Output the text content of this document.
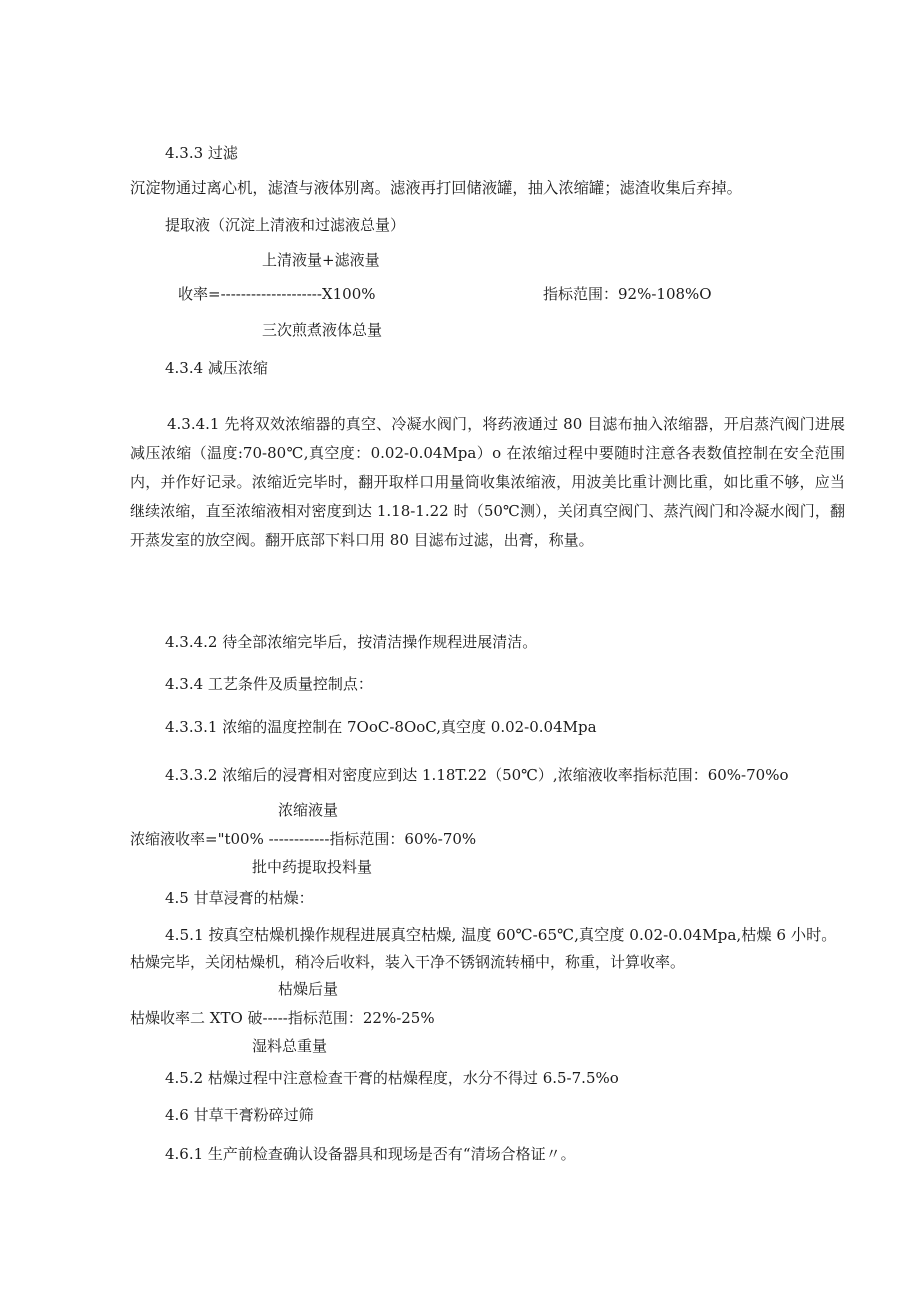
4.3.3 过滤
沉淀物通过离心机，滤渣与液体别离。滤液再打回储液罐，抽入浓缩罐；滤渣收集后弃掉。
提取液（沉淀上清液和过滤液总量）
上清液量+滤液量
收率=--------------------X100%	指标范围：92%-108%O
三次煎煮液体总量
4.3.4 减压浓缩
4.3.4.1 先将双效浓缩器的真空、冷凝水阀门，将药液通过 80 目滤布抽入浓缩器，开启蒸汽阀门进展减压浓缩（温度:70-80℃,真空度：0.02-0.04Mpa）o 在浓缩过程中要随时注意各表数值控制在安全范围内，并作好记录。浓缩近完毕时，翻开取样口用量筒收集浓缩液，用波美比重计测比重，如比重不够，应当继续浓缩，直至浓缩液相对密度到达 1.18-1.22 时（50℃测），关闭真空阀门、蒸汽阀门和冷凝水阀门，翻开蒸发室的放空阀。翻开底部下料口用 80 目滤布过滤，出膏，称量。
4.3.4.2 待全部浓缩完毕后，按清洁操作规程进展清洁。
4.3.4 工艺条件及质量控制点：
4.3.3.1 浓缩的温度控制在 7OoC-8OoC,真空度 0.02-0.04Mpa
4.3.3.2 浓缩后的浸膏相对密度应到达 1.18T.22（50℃）,浓缩液收率指标范围：60%-70%o
浓缩液量
浓缩液收率="t00% ------------指标范围：60%-70%
批中药提取投料量
4.5 甘草浸膏的枯燥：
4.5.1 按真空枯燥机操作规程进展真空枯燥, 温度 60℃-65℃,真空度 0.02-0.04Mpa,枯燥 6 小时。
枯燥完毕，关闭枯燥机，稍冷后收料，装入干净不锈钢流转桶中，称重，计算收率。
枯燥后量
枯燥收率二 XTO 破-----指标范围：22%-25%
湿料总重量
4.5.2 枯燥过程中注意检查干膏的枯燥程度，水分不得过 6.5-7.5%o
4.6 甘草干膏粉碎过筛
4.6.1 生产前检查确认设备器具和现场是否有“清场合格证〃。
